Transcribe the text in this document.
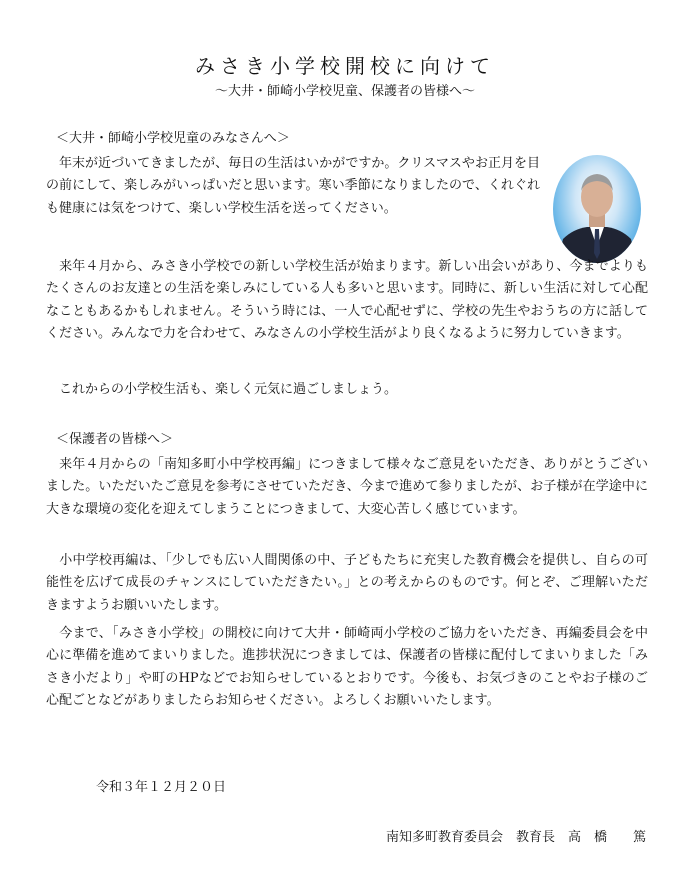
みさき小学校開校に向けて
～大井・師崎小学校児童、保護者の皆様へ～
＜大井・師崎小学校児童のみなさんへ＞

　年末が近づいてきましたが、毎日の生活はいかがですか。クリスマスやお正月を目の前にして、楽しみがいっぱいだと思います。寒い季節になりましたので、くれぐれも健康には気をつけて、楽しい学校生活を送ってください。

　来年４月から、みさき小学校での新しい学校生活が始まります。新しい出会いがあり、今までよりもたくさんのお友達との生活を楽しみにしている人も多いと思います。同時に、新しい生活に対して心配なこともあるかもしれません。そういう時には、一人で心配せずに、学校の先生やおうちの方に話してください。みんなで力を合わせて、みなさんの小学校生活がより良くなるように努力していきます。

　これからの小学校生活も、楽しく元気に過ごしましょう。

＜保護者の皆様へ＞

　来年４月からの「南知多町小中学校再編」につきまして様々なご意見をいただき、ありがとうございました。いただいたご意見を参考にさせていただき、今まで進めて参りましたが、お子様が在学途中に大きな環境の変化を迎えてしまうことにつきまして、大変心苦しく感じています。

　小中学校再編は、「少しでも広い人間関係の中、子どもたちに充実した教育機会を提供し、自らの可能性を広げて成長のチャンスにしていただきたい。」との考えからのものです。何とぞ、ご理解いただきますようお願いいたします。

　今まで、「みさき小学校」の開校に向けて大井・師崎両小学校のご協力をいただき、再編委員会を中心に準備を進めてまいりました。進捗状況につきましては、保護者の皆様に配付してまいりました「みさき小だより」や町のHPなどでお知らせしているとおりです。今後も、お気づきのことやお子様のご心配ごとなどがありましたらお知らせください。よろしくお願いいたします。

令和３年１２月２０日
南知多町教育委員会　教育長　高　橋　　篤
